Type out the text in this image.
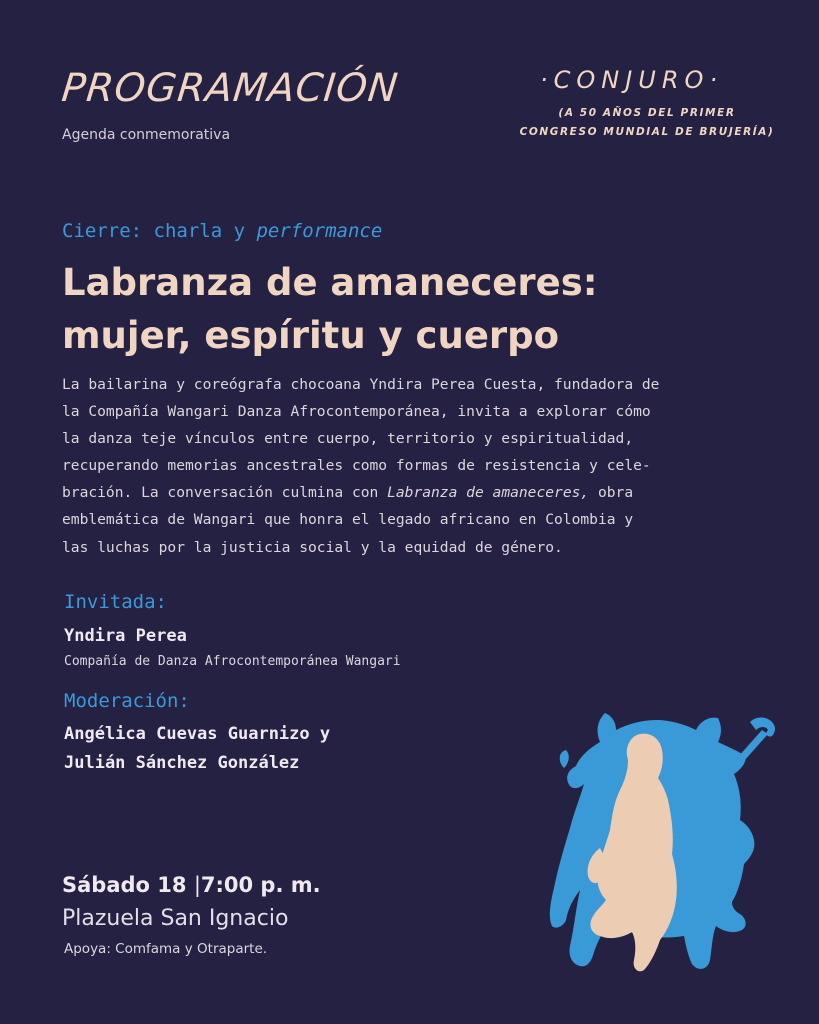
PROGRAMACIÓN
Agenda conmemorativa
·CONJURO·
(A 50 AÑOS DEL PRIMER
CONGRESO MUNDIAL DE BRUJERÍA)
Cierre: charla y performance
Labranza de amaneceres:
mujer, espíritu y cuerpo
La bailarina y coreógrafa chocoana Yndira Perea Cuesta, fundadora de
la Compañía Wangari Danza Afrocontemporánea, invita a explorar cómo
la danza teje vínculos entre cuerpo, territorio y espiritualidad,
recuperando memorias ancestrales como formas de resistencia y cele-
bración. La conversación culmina con Labranza de amaneceres, obra
emblemática de Wangari que honra el legado africano en Colombia y
las luchas por la justicia social y la equidad de género.
Invitada:
Yndira Perea
Compañía de Danza Afrocontemporánea Wangari
Moderación:
Angélica Cuevas Guarnizo y
Julián Sánchez González
Sábado 18 |7:00 p. m.
Plazuela San Ignacio
Apoya: Comfama y Otraparte.
